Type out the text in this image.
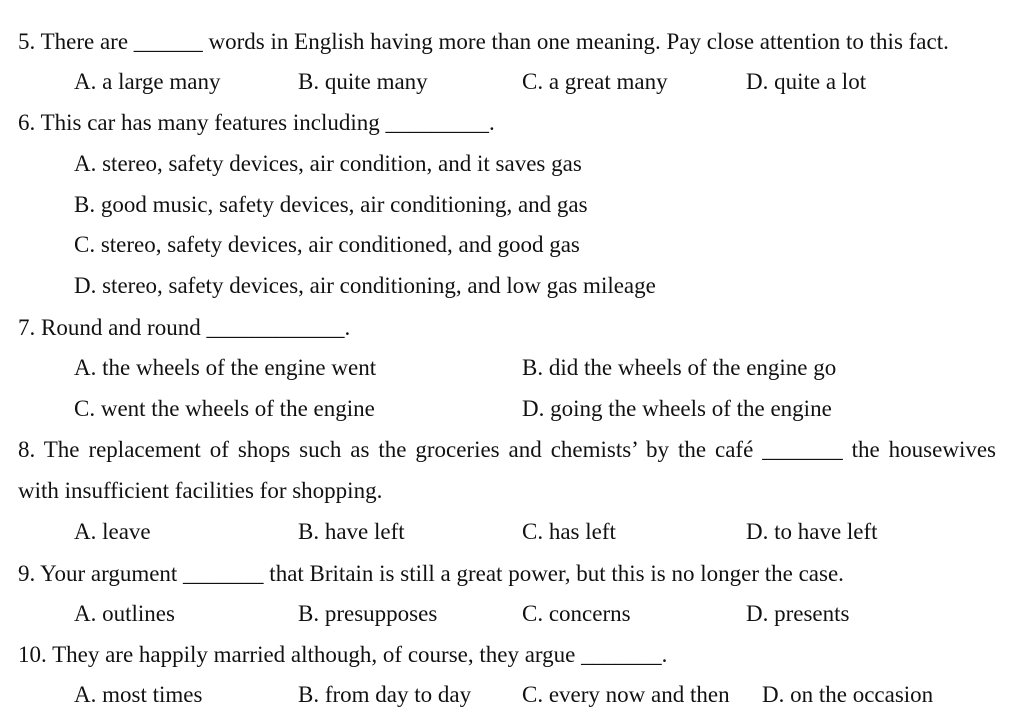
5. There are ______ words in English having more than one meaning. Pay close attention to this fact.
A. a large many	B. quite many	C. a great many	D. quite a lot
6. This car has many features including _________.
A. stereo, safety devices, air condition, and it saves gas
B. good music, safety devices, air conditioning, and gas
C. stereo, safety devices, air conditioned, and good gas
D. stereo, safety devices, air conditioning, and low gas mileage
7. Round and round ____________.
A. the wheels of the engine went	B. did the wheels of the engine go
C. went the wheels of the engine	D. going the wheels of the engine
8. The replacement of shops such as the groceries and chemists’ by the café _______ the housewives
with insufficient facilities for shopping.
A. leave	B. have left	C. has left	D. to have left
9. Your argument _______ that Britain is still a great power, but this is no longer the case.
A. outlines	B. presupposes	C. concerns	D. presents
10. They are happily married although, of course, they argue _______.
A. most times	B. from day to day C. every now and then D. on the occasion
